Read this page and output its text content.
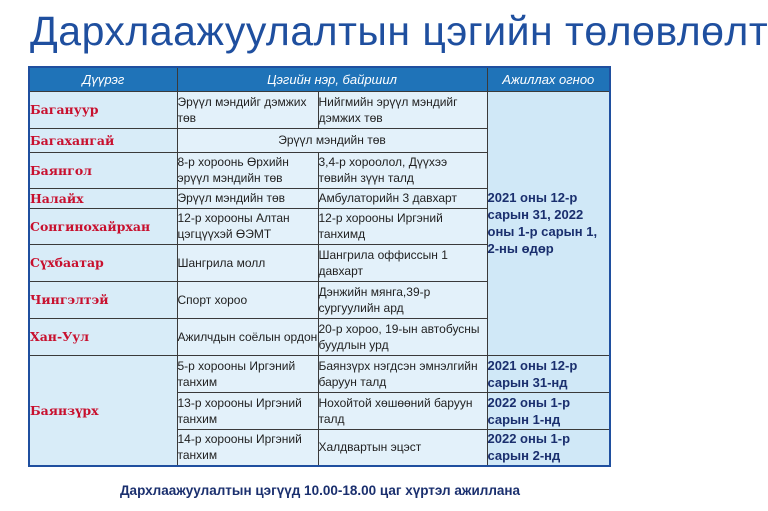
Дархлаажуулалтын цэгийн төлөвлөлт
Дүүрэг	Цэгийн нэр, байршил		Ажиллах огноо
Багануур	Эрүүл мэндийг дэмжих төв	Нийгмийн эрүүл мэндийг дэмжих төв	2021 оны 12-р сарын 31, 2022 оны 1-р сарын 1, 2-ны өдөр
Багахангай	Эрүүл мэндийн төв		
Баянгол	8-р хороонь Өрхийн эрүүл мэндийн төв	3,4-р хороолол, Дүүхээ төвийн зүүн талд	
Налайх	Эрүүл мэндийн төв	Амбулаторийн 3 давхарт	
Сонгинохайрхан	12-р хорооны Алтан цэгцүүхэй ӨЭМТ	12-р хорооны Иргэний танхимд	
Сүхбаатар	Шангрила молл	Шангрила оффиссын 1 давхарт	
Чингэлтэй	Спорт хороо	Дэнжийн мянга,39-р сургуулийн ард	
Хан-Уул	Ажилчдын соёлын ордон	20-р хороо, 19-ын автобусны буудлын урд	
Баянзүрх	5-р хорооны Иргэний танхим	Баянзүрх нэгдсэн эмнэлгийн баруун талд	2021 оны 12-р сарын 31-нд
	13-р хорооны Иргэний танхим	Нохойтой хөшөөний баруун талд	2022 оны 1-р сарын 1-нд
	14-р хорооны Иргэний танхим	Халдвартын эцэст	2022 оны 1-р сарын 2-нд
Дархлаажуулалтын цэгүүд 10.00-18.00 цаг хүртэл ажиллана
